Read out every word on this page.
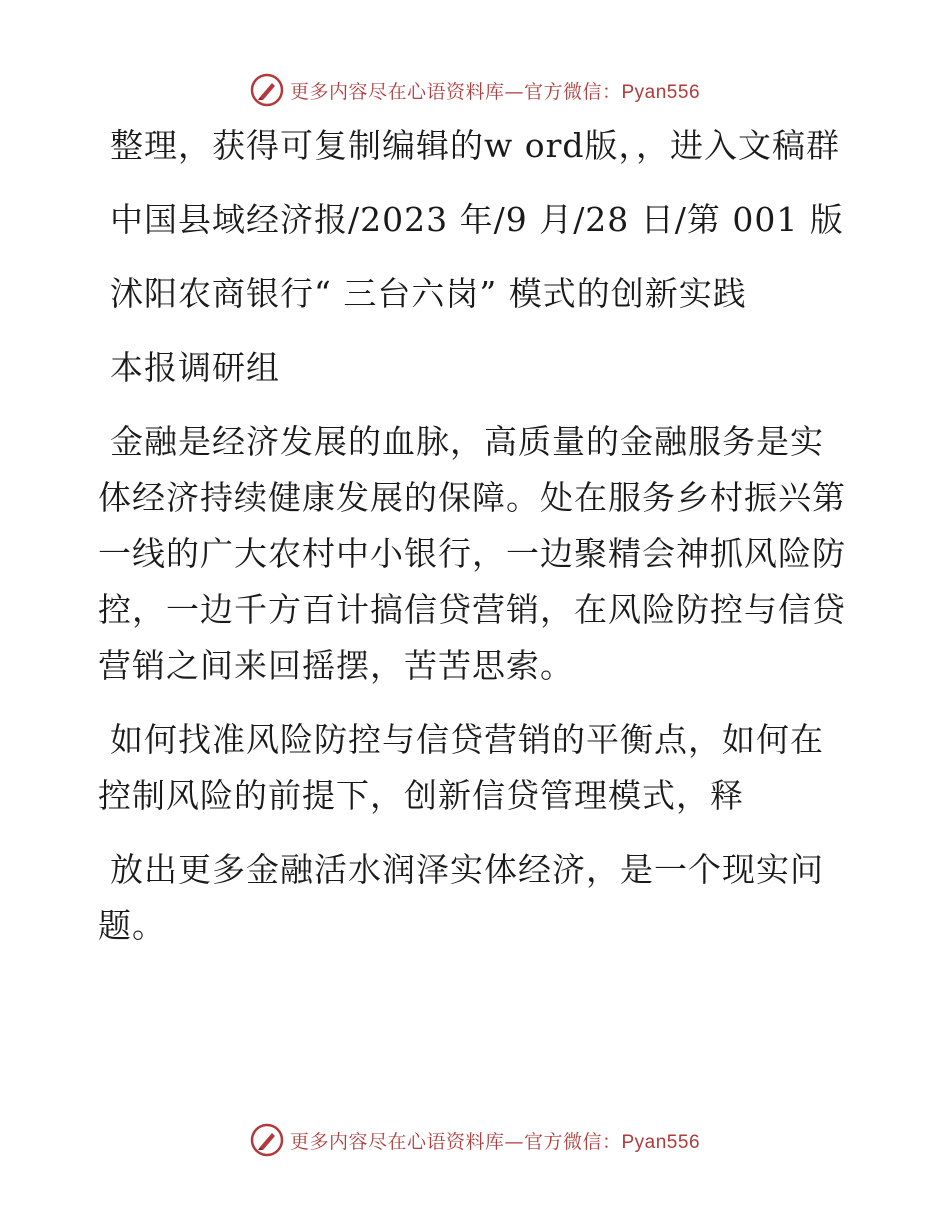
更多内容尽在心语资料库—官方微信：Pyan556

整理，获得可复制编辑的w ord版，，进入文稿群

中国县域经济报/2023 年/9 月/28 日/第 001 版

沭阳农商银行“ 三台六岗” 模式的创新实践

本报调研组

金融是经济发展的血脉，高质量的金融服务是实体经济持续健康发展的保障。处在服务乡村振兴第一线的广大农村中小银行，一边聚精会神抓风险防控，一边千方百计搞信贷营销，在风险防控与信贷营销之间来回摇摆，苦苦思索。

如何找准风险防控与信贷营销的平衡点，如何在控制风险的前提下，创新信贷管理模式，释

放出更多金融活水润泽实体经济，是一个现实问题。

更多内容尽在心语资料库—官方微信：Pyan556
